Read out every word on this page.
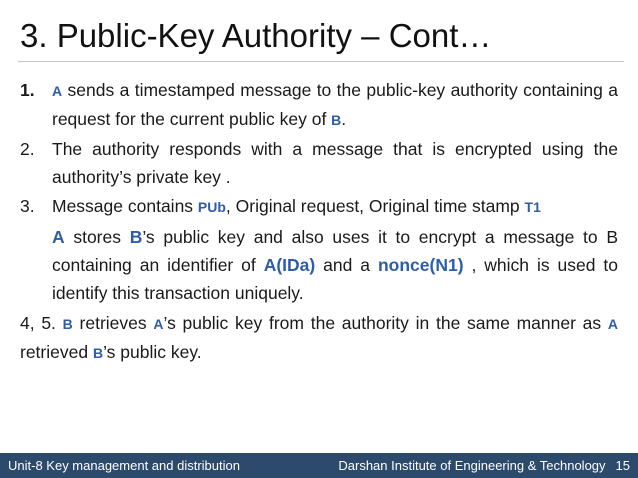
3. Public-Key Authority – Cont…
1.	A sends a timestamped message to the public-key authority containing a request for the current public key of B.
2. The authority responds with a message that is encrypted using the authority’s private key .
3. Message contains PUb, Original request, Original time stamp T1
A stores B’s public key and also uses it to encrypt a message to B containing an identifier of A(IDa) and a nonce(N1) , which is used to identify this transaction uniquely.
4, 5. B retrieves A’s public key from the authority in the same manner as A retrieved B’s public key.
Unit-8 Key management and distribution	Darshan Institute of Engineering & Technology 15
